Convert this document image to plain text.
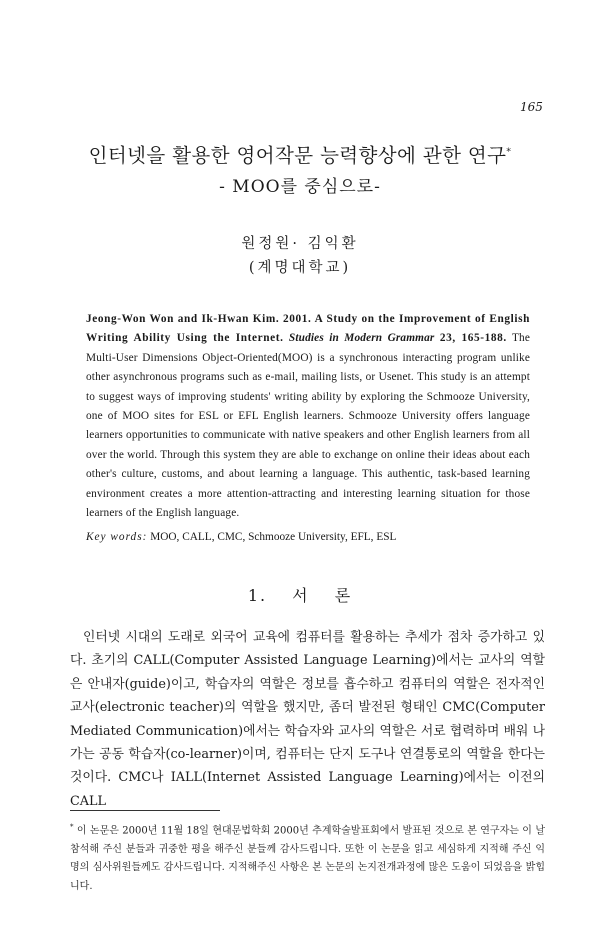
165
인터넷을 활용한 영어작문 능력향상에 관한 연구*
- MOO를 중심으로-
원정원· 김익환
(계명대학교)
Jeong-Won Won and Ik-Hwan Kim. 2001. A Study on the Improvement of English Writing Ability Using the Internet. Studies in Modern Grammar 23, 165-188. The Multi-User Dimensions Object-Oriented(MOO) is a synchronous interacting program unlike other asynchronous programs such as e-mail, mailing lists, or Usenet. This study is an attempt to suggest ways of improving students' writing ability by exploring the Schmooze University, one of MOO sites for ESL or EFL English learners. Schmooze University offers language learners opportunities to communicate with native speakers and other English learners from all over the world. Through this system they are able to exchange on online their ideas about each other's culture, customs, and about learning a language. This authentic, task-based learning environment creates a more attention-attracting and interesting learning situation for those learners of the English language.
Key words: MOO, CALL, CMC, Schmooze University, EFL, ESL
1. 서 론

인터넷 시대의 도래로 외국어 교육에 컴퓨터를 활용하는 추세가 점차 증가하고 있다. 초기의 CALL(Computer Assisted Language Learning)에서는 교사의 역할은 안내자(guide)이고, 학습자의 역할은 정보를 흡수하고 컴퓨터의 역할은 전자적인 교사(electronic teacher)의 역할을 했지만, 좀더 발전된 형태인 CMC(Computer Mediated Communication)에서는 학습자와 교사의 역할은 서로 협력하며 배워 나가는 공동 학습자(co-learner)이며, 컴퓨터는 단지 도구나 연결통로의 역할을 한다는 것이다. CMC나 IALL(Internet Assisted Language Learning)에서는 이전의 CALL

* 이 논문은 2000년 11월 18일 현대문법학회 2000년 추계학술발표회에서 발표된 것으로 본 연구자는 이 날 참석해 주신 분들과 귀중한 평을 해주신 분들께 감사드립니다. 또한 이 논문을 읽고 세심하게 지적해 주신 익명의 심사위원들께도 감사드립니다. 지적해주신 사항은 본 논문의 논지전개과정에 많은 도움이 되었음을 밝힙니다.
